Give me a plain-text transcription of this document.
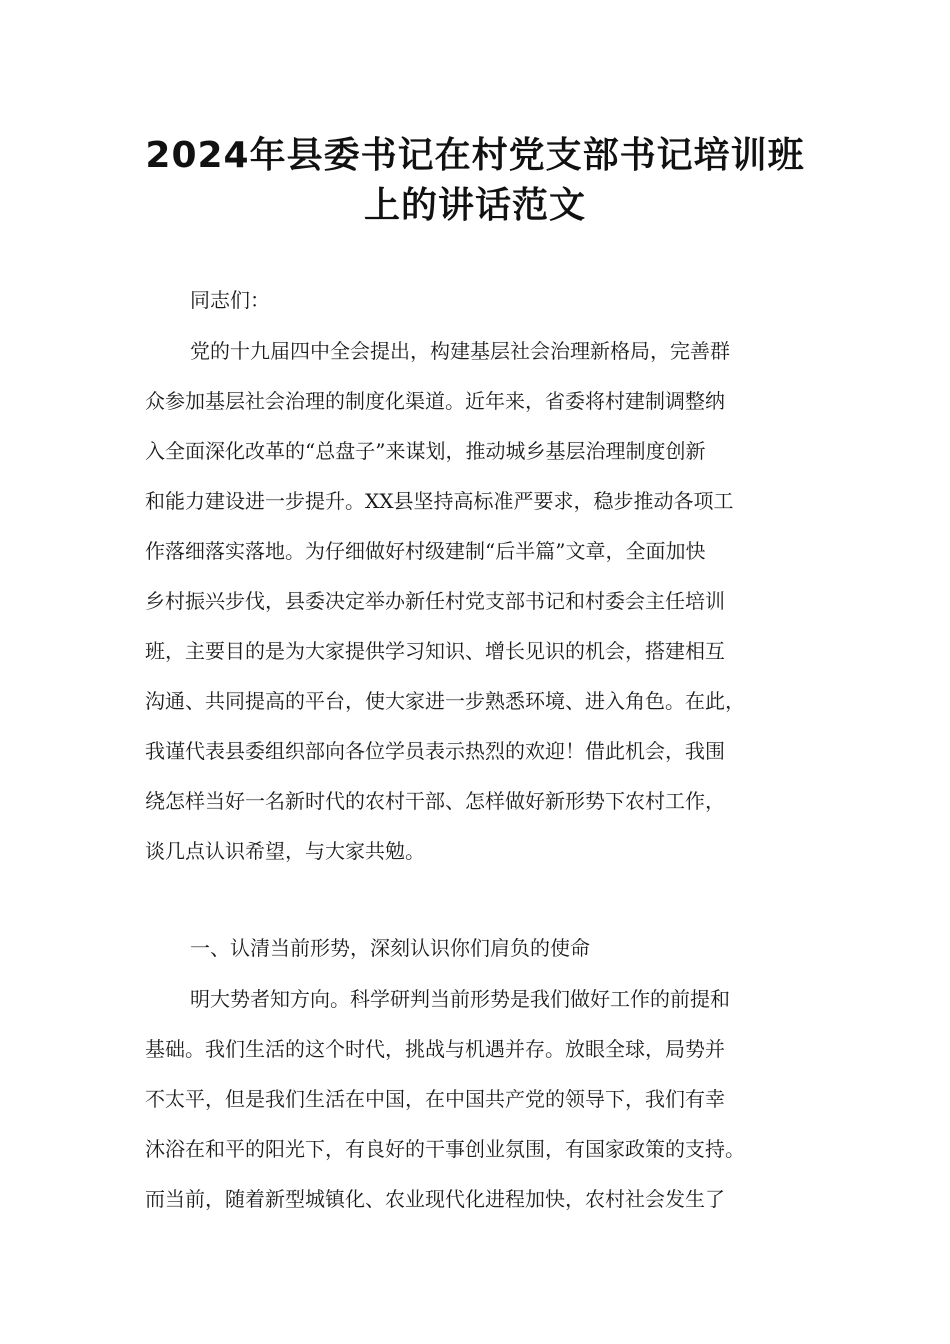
2024年县委书记在村党支部书记培训班
上的讲话范文
同志们：
党的十九届四中全会提出，构建基层社会治理新格局，完善群
众参加基层社会治理的制度化渠道。近年来，省委将村建制调整纳
入全面深化改革的“总盘子”来谋划，推动城乡基层治理制度创新
和能力建设进一步提升。XX县坚持高标准严要求，稳步推动各项工
作落细落实落地。为仔细做好村级建制“后半篇”文章，全面加快
乡村振兴步伐，县委决定举办新任村党支部书记和村委会主任培训
班，主要目的是为大家提供学习知识、增长见识的机会，搭建相互
沟通、共同提高的平台，使大家进一步熟悉环境、进入角色。在此，
我谨代表县委组织部向各位学员表示热烈的欢迎！借此机会，我围
绕怎样当好一名新时代的农村干部、怎样做好新形势下农村工作，
谈几点认识希望，与大家共勉。
一、认清当前形势，深刻认识你们肩负的使命
明大势者知方向。科学研判当前形势是我们做好工作的前提和
基础。我们生活的这个时代，挑战与机遇并存。放眼全球，局势并
不太平，但是我们生活在中国，在中国共产党的领导下，我们有幸
沐浴在和平的阳光下，有良好的干事创业氛围，有国家政策的支持。
而当前，随着新型城镇化、农业现代化进程加快，农村社会发生了
